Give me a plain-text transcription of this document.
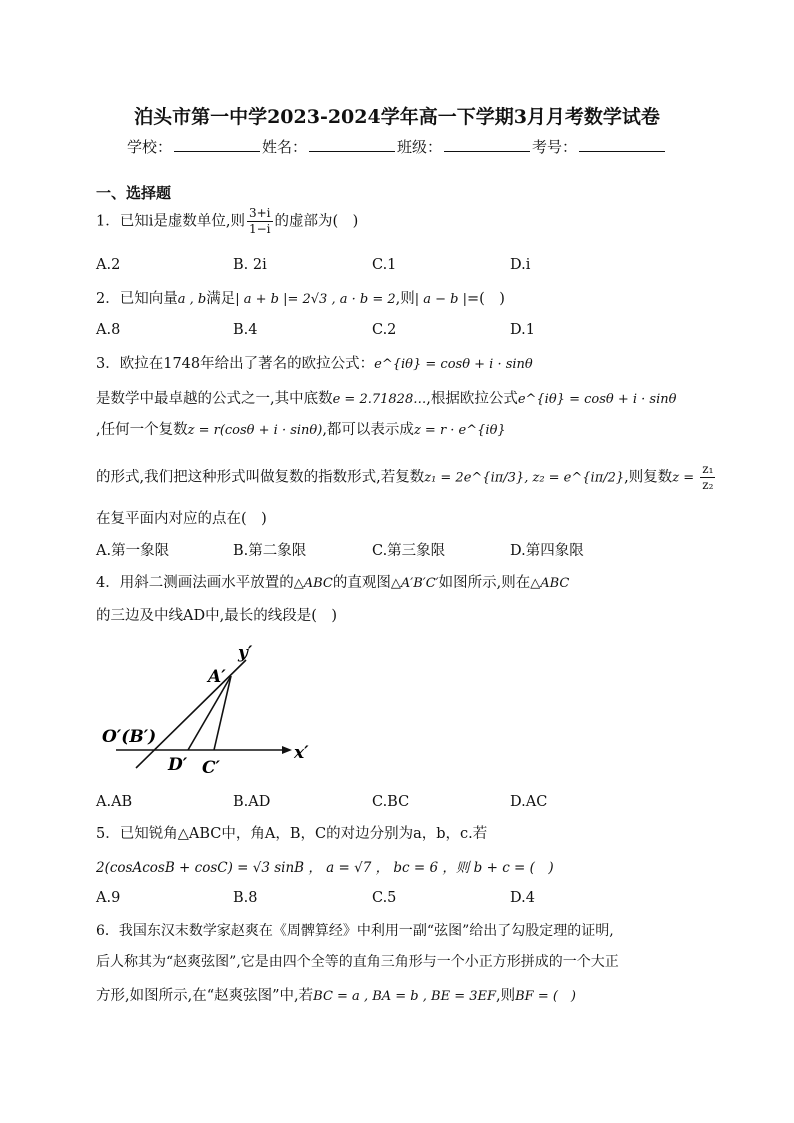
泊头市第一中学2023-2024学年高一下学期3月月考数学试卷
学校：	姓名：	班级：	考号：
一、选择题
1．已知i是虚数单位,则 $\frac{3+i}{1-i}$ 的虚部为(　)
A.2	B. 2i	C.1	D.i
2．已知向量a , b满足| a + b |= 2√3 , a · b = 2,则| a − b |=(　)
A.8	B.4	C.2	D.1
3．欧拉在1748年给出了著名的欧拉公式：e^{iθ} = cosθ + i · sinθ
是数学中最卓越的公式之一,其中底数e = 2.71828…,根据欧拉公式e^{iθ} = cosθ + i · sinθ
,任何一个复数z = r(cosθ + i · sinθ),都可以表示成z = r · e^{iθ}
的形式,我们把这种形式叫做复数的指数形式,若复数z₁ = 2e^{iπ/3}, z₂ = e^{iπ/2},则复数$z = \frac{\text{z₁}}{\text{z₂}}$
在复平面内对应的点在(　)
A.第一象限	B.第二象限	C.第三象限	D.第四象限
4．用斜二测画法画水平放置的△ABC的直观图△A′B′C′如图所示,则在△ABC
的三边及中线AD中,最长的线段是(　)
y′
A′
O′(B′)
D′ C′
x′
A.AB	B.AD	C.BC	D.AC
5．已知锐角△ABC中，角A，B，C的对边分别为a，b，c.若
2(cosAcosB + cosC) = √3 sinB ， a = √7 ， bc = 6 ，则 b + c = (　)
A.9	B.8	C.5	D.4
6．我国东汉末数学家赵爽在《周髀算经》中利用一副“弦图”给出了勾股定理的证明,
后人称其为“赵爽弦图”,它是由四个全等的直角三角形与一个小正方形拼成的一个大正
方形,如图所示,在“赵爽弦图”中,若BC = a , BA = b , BE = 3EF,则BF = (　)
